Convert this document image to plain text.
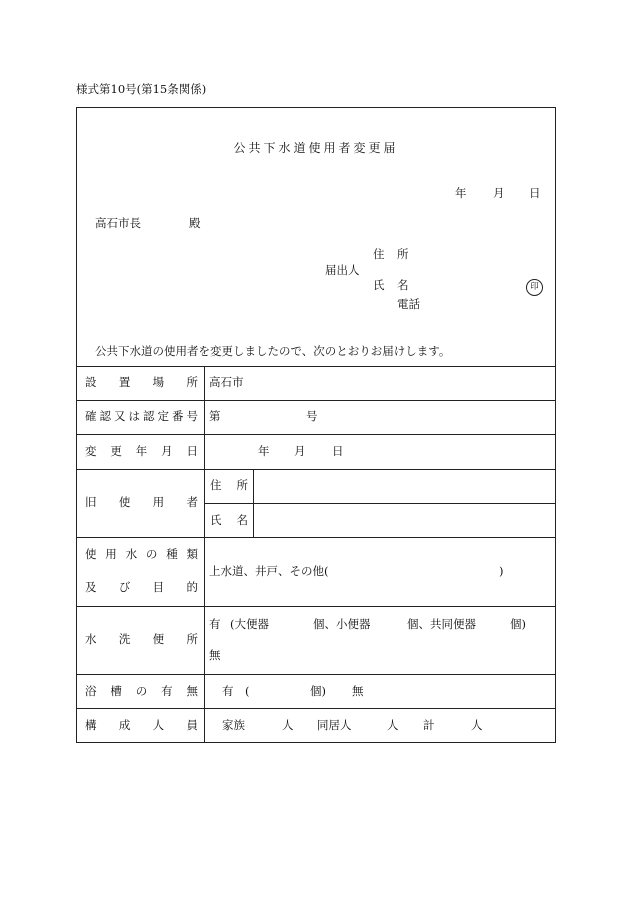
様式第10号(第15条関係)
公共下水道使用者変更届
年 月 日
高石市長	殿
住 所
届出人
氏 名	印
電話
公共下水道の使用者を変更しましたので、次のとおりお届けします。
設 置 場 所 高石市
確 認 又 は 認 定 番 号 第	号
変 更 年 月 日	年 月 日
旧 使 用 者
住 所
氏 名
使 用 水 の 種 類
及 び 目 的
上水道、井戸、その他(	)
水 洗 便 所
有 (大便器	個、小便器	個、共同便器	個)
無
浴 槽 の 有 無 有 (	個) 無
構 成 人 員 家族	人 同居人	人 計	人
